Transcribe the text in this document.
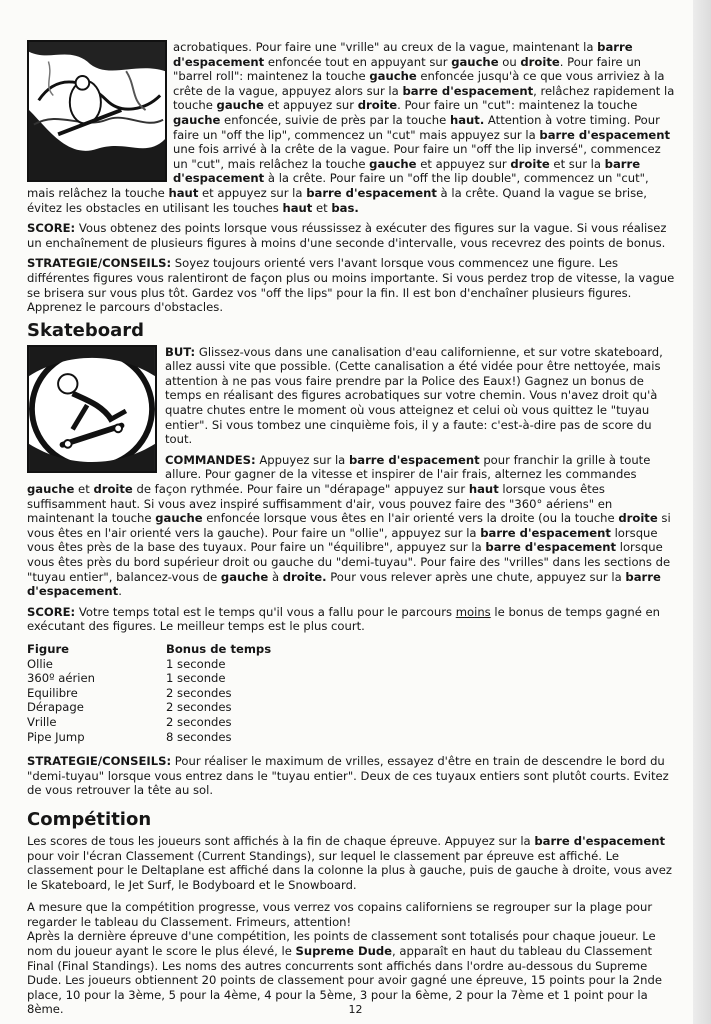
acrobatiques. Pour faire une "vrille" au creux de la vague, maintenant la barre d'espacement enfoncée tout en appuyant sur gauche ou droite. Pour faire un "barrel roll": maintenez la touche gauche enfoncée jusqu'à ce que vous arriviez à la crête de la vague, appuyez alors sur la barre d'espacement, relâchez rapidement la touche gauche et appuyez sur droite. Pour faire un "cut": maintenez la touche gauche enfoncée, suivie de près par la touche haut. Attention à votre timing. Pour faire un "off the lip", commencez un "cut" mais appuyez sur la barre d'espacement une fois arrivé à la crête de la vague. Pour faire un "off the lip inversé", commencez un "cut", mais relâchez la touche gauche et appuyez sur droite et sur la barre d'espacement à la crête. Pour faire un "off the lip double", commencez un "cut", mais relâchez la touche haut et appuyez sur la barre d'espacement à la crête. Quand la vague se brise, évitez les obstacles en utilisant les touches haut et bas.

SCORE: Vous obtenez des points lorsque vous réussissez à exécuter des figures sur la vague. Si vous réalisez un enchaînement de plusieurs figures à moins d'une seconde d'intervalle, vous recevrez des points de bonus.

STRATEGIE/CONSEILS: Soyez toujours orienté vers l'avant lorsque vous commencez une figure. Les différentes figures vous ralentiront de façon plus ou moins importante. Si vous perdez trop de vitesse, la vague se brisera sur vous plus tôt. Gardez vos "off the lips" pour la fin. Il est bon d'enchaîner plusieurs figures. Apprenez le parcours d'obstacles.

Skateboard

BUT: Glissez-vous dans une canalisation d'eau californienne, et sur votre skateboard, allez aussi vite que possible. (Cette canalisation a été vidée pour être nettoyée, mais attention à ne pas vous faire prendre par la Police des Eaux!) Gagnez un bonus de temps en réalisant des figures acrobatiques sur votre chemin. Vous n'avez droit qu'à quatre chutes entre le moment où vous atteignez et celui où vous quittez le "tuyau entier". Si vous tombez une cinquième fois, il y a faute: c'est-à-dire pas de score du tout.

COMMANDES: Appuyez sur la barre d'espacement pour franchir la grille à toute allure. Pour gagner de la vitesse et inspirer de l'air frais, alternez les commandes gauche et droite de façon rythmée. Pour faire un "dérapage" appuyez sur haut lorsque vous êtes suffisamment haut. Si vous avez inspiré suffisamment d'air, vous pouvez faire des "360° aériens" en maintenant la touche gauche enfoncée lorsque vous êtes en l'air orienté vers la droite (ou la touche droite si vous êtes en l'air orienté vers la gauche). Pour faire un "ollie", appuyez sur la barre d'espacement lorsque vous êtes près de la base des tuyaux. Pour faire un "équilibre", appuyez sur la barre d'espacement lorsque vous êtes près du bord supérieur droit ou gauche du "demi-tuyau". Pour faire des "vrilles" dans les sections de "tuyau entier", balancez-vous de gauche à droite. Pour vous relever après une chute, appuyez sur la barre d'espacement.

SCORE: Votre temps total est le temps qu'il vous a fallu pour le parcours moins le bonus de temps gagné en exécutant des figures. Le meilleur temps est le plus court.

Figure
Ollie
360º aérien
Equilibre
Dérapage
Vrille
Pipe Jump
Bonus de temps
1 seconde
1 seconde
2 secondes
2 secondes
2 secondes
8 secondes

STRATEGIE/CONSEILS: Pour réaliser le maximum de vrilles, essayez d'être en train de descendre le bord du "demi-tuyau" lorsque vous entrez dans le "tuyau entier". Deux de ces tuyaux entiers sont plutôt courts. Evitez de vous retrouver la tête au sol.

Compétition

Les scores de tous les joueurs sont affichés à la fin de chaque épreuve. Appuyez sur la barre d'espacement pour voir l'écran Classement (Current Standings), sur lequel le classement par épreuve est affiché. Le classement pour le Deltaplane est affiché dans la colonne la plus à gauche, puis de gauche à droite, vous avez le Skateboard, le Jet Surf, le Bodyboard et le Snowboard.

A mesure que la compétition progresse, vous verrez vos copains californiens se regrouper sur la plage pour regarder le tableau du Classement. Frimeurs, attention!

Après la dernière épreuve d'une compétition, les points de classement sont totalisés pour chaque joueur. Le nom du joueur ayant le score le plus élevé, le Supreme Dude, apparaît en haut du tableau du Classement Final (Final Standings). Les noms des autres concurrents sont affichés dans l'ordre au-dessous du Supreme Dude. Les joueurs obtiennent 20 points de classement pour avoir gagné une épreuve, 15 points pour la 2nde place, 10 pour la 3ème, 5 pour la 4ème, 4 pour la 5ème, 3 pour la 6ème, 2 pour la 7ème et 1 point pour la 8ème.	12
